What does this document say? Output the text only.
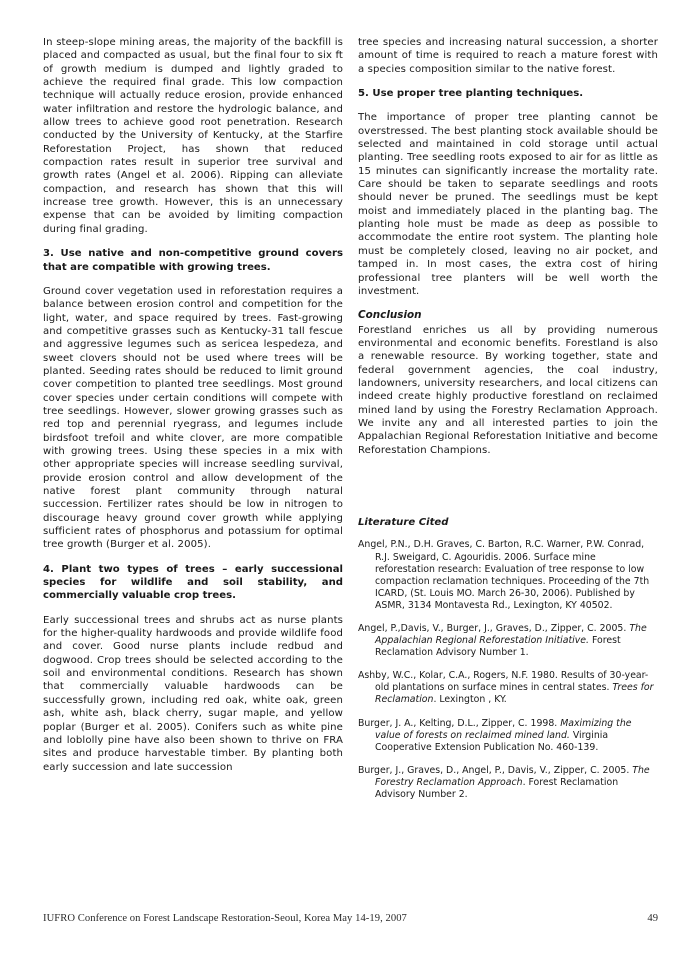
In steep-slope mining areas, the majority of the backfill is placed and compacted as usual, but the final four to six ft of growth medium is dumped and lightly graded to achieve the required final grade. This low compaction technique will actually reduce erosion, provide enhanced water infiltration and restore the hydrologic balance, and allow trees to achieve good root penetration. Research conducted by the University of Kentucky, at the Starfire Reforestation Project, has shown that reduced compaction rates result in superior tree survival and growth rates (Angel et al. 2006). Ripping can alleviate compaction, and research has shown that this will increase tree growth. However, this is an unnecessary expense that can be avoided by limiting compaction during final grading.

3. Use native and non-competitive ground covers that are compatible with growing trees.

Ground cover vegetation used in reforestation requires a balance between erosion control and competition for the light, water, and space required by trees. Fast-growing and competitive grasses such as Kentucky-31 tall fescue and aggressive legumes such as sericea lespedeza, and sweet clovers should not be used where trees will be planted. Seeding rates should be reduced to limit ground cover competition to planted tree seedlings. Most ground cover species under certain conditions will compete with tree seedlings. However, slower growing grasses such as red top and perennial ryegrass, and legumes include birdsfoot trefoil and white clover, are more compatible with growing trees. Using these species in a mix with other appropriate species will increase seedling survival, provide erosion control and allow development of the native forest plant community through natural succession. Fertilizer rates should be low in nitrogen to discourage heavy ground cover growth while applying sufficient rates of phosphorus and potassium for optimal tree growth (Burger et al. 2005).

4. Plant two types of trees – early successional species for wildlife and soil stability, and commercially valuable crop trees.

Early successional trees and shrubs act as nurse plants for the higher-quality hardwoods and provide wildlife food and cover. Good nurse plants include redbud and dogwood. Crop trees should be selected according to the soil and environmental conditions. Research has shown that commercially valuable hardwoods can be successfully grown, including red oak, white oak, green ash, white ash, black cherry, sugar maple, and yellow poplar (Burger et al. 2005). Conifers such as white pine and loblolly pine have also been shown to thrive on FRA sites and produce harvestable timber. By planting both early succession and late succession

tree species and increasing natural succession, a shorter amount of time is required to reach a mature forest with a species composition similar to the native forest.

5. Use proper tree planting techniques.

The importance of proper tree planting cannot be overstressed. The best planting stock available should be selected and maintained in cold storage until actual planting. Tree seedling roots exposed to air for as little as 15 minutes can significantly increase the mortality rate. Care should be taken to separate seedlings and roots should never be pruned. The seedlings must be kept moist and immediately placed in the planting bag. The planting hole must be made as deep as possible to accommodate the entire root system. The planting hole must be completely closed, leaving no air pocket, and tamped in. In most cases, the extra cost of hiring professional tree planters will be well worth the investment.

Conclusion

Forestland enriches us all by providing numerous environmental and economic benefits. Forestland is also a renewable resource. By working together, state and federal government agencies, the coal industry, landowners, university researchers, and local citizens can indeed create highly productive forestland on reclaimed mined land by using the Forestry Reclamation Approach. We invite any and all interested parties to join the Appalachian Regional Reforestation Initiative and become Reforestation Champions.

Literature Cited

Angel, P.N., D.H. Graves, C. Barton, R.C. Warner, P.W. Conrad, R.J. Sweigard, C. Agouridis. 2006. Surface mine reforestation research: Evaluation of tree response to low compaction reclamation techniques. Proceeding of the 7th ICARD, (St. Louis MO. March 26-30, 2006). Published by ASMR, 3134 Montavesta Rd., Lexington, KY 40502.

Angel, P.,Davis, V., Burger, J., Graves, D., Zipper, C. 2005. The Appalachian Regional Reforestation Initiative. Forest Reclamation Advisory Number 1.

Ashby, W.C., Kolar, C.A., Rogers, N.F. 1980. Results of 30-year-old plantations on surface mines in central states. Trees for Reclamation. Lexington , KY.

Burger, J. A., Kelting, D.L., Zipper, C. 1998. Maximizing the value of forests on reclaimed mined land. Virginia Cooperative Extension Publication No. 460-139.

Burger, J., Graves, D., Angel, P., Davis, V., Zipper, C. 2005. The Forestry Reclamation Approach. Forest Reclamation Advisory Number 2.

IUFRO Conference on Forest Landscape Restoration-Seoul, Korea May 14-19, 2007	49
